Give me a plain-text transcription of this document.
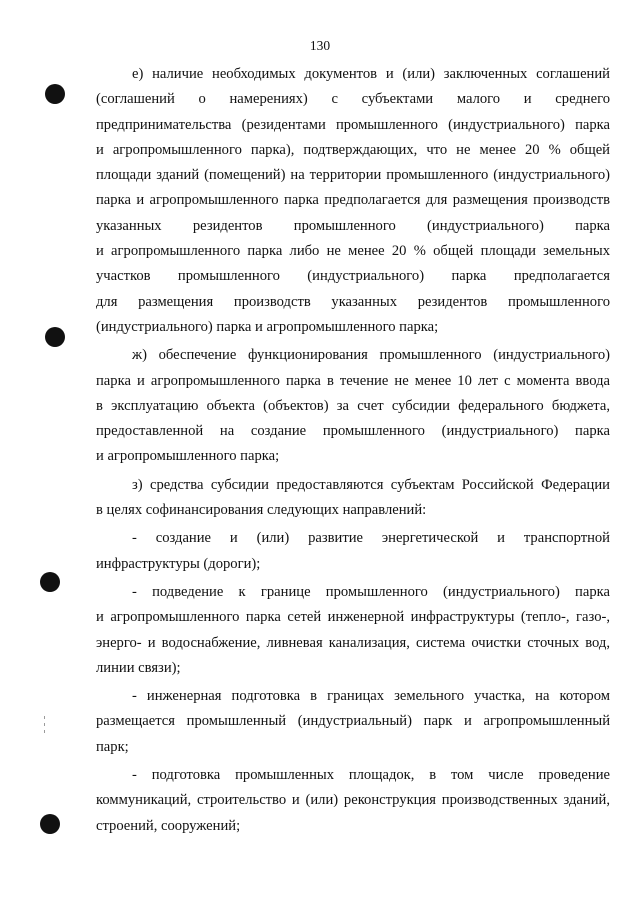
130
е) наличие необходимых документов и (или) заключенных соглашений
(соглашений о намерениях) с субъектами малого и среднего
предпринимательства (резидентами промышленного (индустриального) парка
и агропромышленного парка), подтверждающих, что не менее 20 % общей
площади зданий (помещений) на территории промышленного (индустриального)
парка и агропромышленного парка предполагается для размещения производств
указанных резидентов промышленного (индустриального) парка
и агропромышленного парка либо не менее 20 % общей площади земельных
участков промышленного (индустриального) парка предполагается
для размещения производств указанных резидентов промышленного
(индустриального) парка и агропромышленного парка;
ж) обеспечение функционирования промышленного (индустриального)
парка и агропромышленного парка в течение не менее 10 лет с момента ввода
в эксплуатацию объекта (объектов) за счет субсидии федерального бюджета,
предоставленной на создание промышленного (индустриального) парка
и агропромышленного парка;
з) средства субсидии предоставляются субъектам Российской Федерации
в целях софинансирования следующих направлений:
- создание и (или) развитие энергетической и транспортной
инфраструктуры (дороги);
- подведение к границе промышленного (индустриального) парка
и агропромышленного парка сетей инженерной инфраструктуры (тепло-, газо-,
энерго- и водоснабжение, ливневая канализация, система очистки сточных вод,
линии связи);
- инженерная подготовка в границах земельного участка, на котором
размещается промышленный (индустриальный) парк и агропромышленный
парк;
- подготовка промышленных площадок, в том числе проведение
коммуникаций, строительство и (или) реконструкция производственных зданий,
строений, сооружений;
